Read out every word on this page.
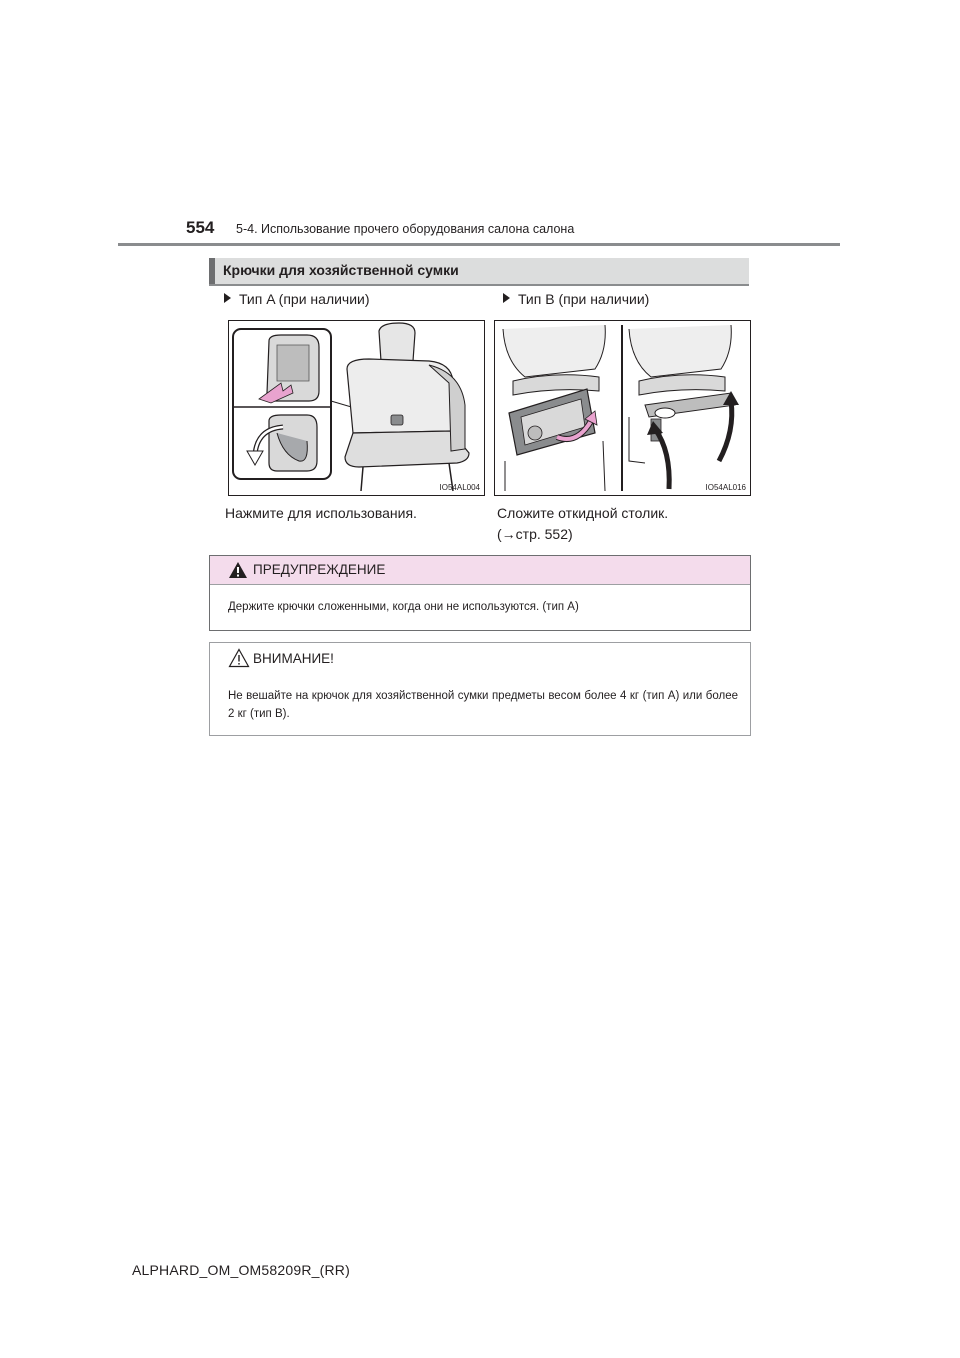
554 5-4. Использование прочего оборудования салона салона
Крючки для хозяйственной сумки
Тип A (при наличии)	Тип B (при наличии)
IO54AL004	IO54AL016
Нажмите для использования.	Сложите откидной столик.
(→стр. 552)
ПРЕДУПРЕЖДЕНИЕ
Держите крючки сложенными, когда они не используются. (тип A)
ВНИМАНИЕ!
Не вешайте на крючок для хозяйственной сумки предметы весом более 4 кг (тип A) или более 2 кг (тип B).
ALPHARD_OM_OM58209R_(RR)
